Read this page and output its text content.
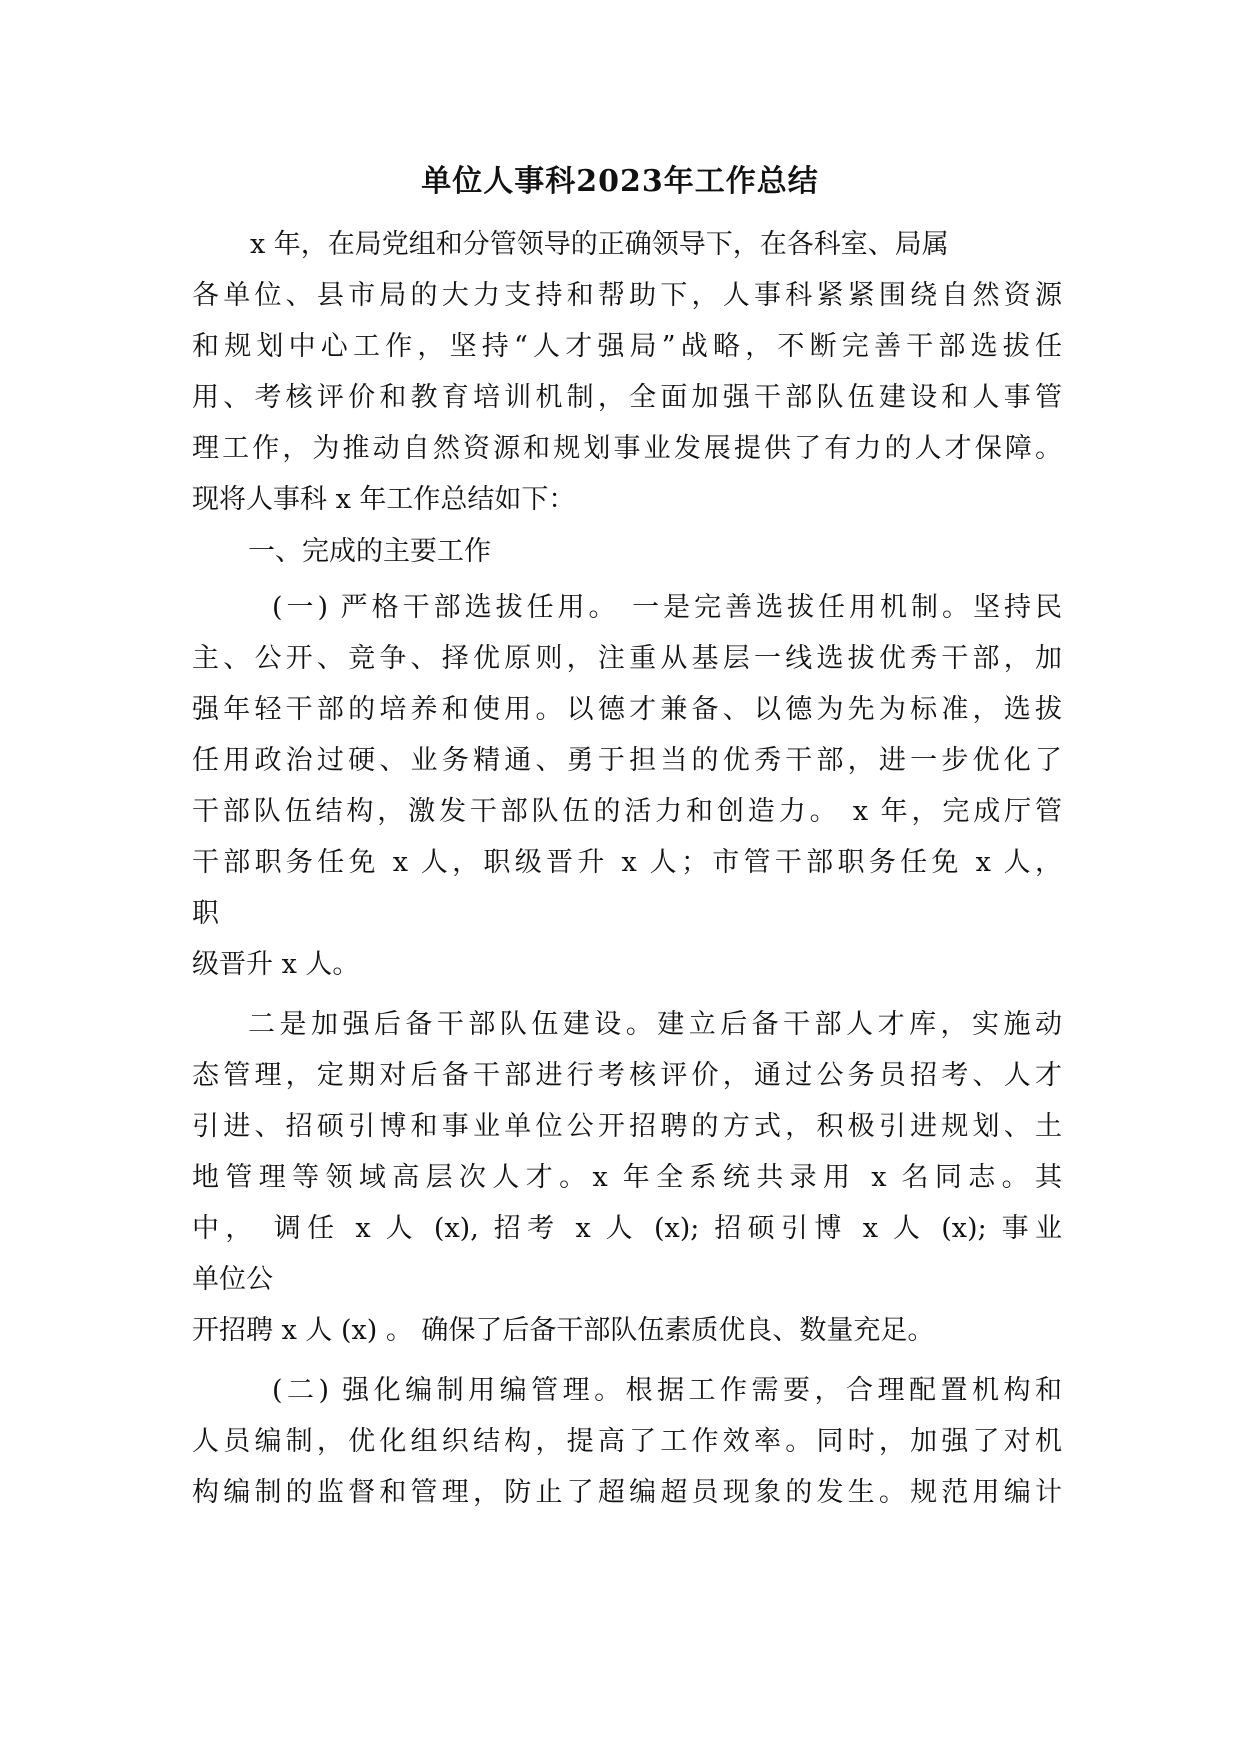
单位人事科2023年工作总结
x 年，在局党组和分管领导的正确领导下，在各科室、局属
各单位、县市局的大力支持和帮助下，人事科紧紧围绕自然资源
和规划中心工作，坚持“人才强局”战略，不断完善干部选拔任
用、考核评价和教育培训机制，全面加强干部队伍建设和人事管
理工作，为推动自然资源和规划事业发展提供了有力的人才保障。
现将人事科 x 年工作总结如下：
一、完成的主要工作
(一) 严格干部选拔任用。 一是完善选拔任用机制。坚持民
主、公开、竞争、择优原则，注重从基层一线选拔优秀干部，加
强年轻干部的培养和使用。以德才兼备、以德为先为标准，选拔
任用政治过硬、业务精通、勇于担当的优秀干部，进一步优化了
干部队伍结构，激发干部队伍的活力和创造力。 x 年，完成厅管
干部职务任免 x 人，职级晋升 x 人；市管干部职务任免 x 人，
职
级晋升 x 人。
二是加强后备干部队伍建设。建立后备干部人才库，实施动
态管理，定期对后备干部进行考核评价，通过公务员招考、人才
引进、招硕引博和事业单位公开招聘的方式，积极引进规划、土
地管理等领域高层次人才。x 年全系统共录用 x 名同志。其
中， 调任 x 人 (x), 招考 x 人 (x); 招硕引博 x 人 (x); 事业
单位公
开招聘 x 人 (x) 。 确保了后备干部队伍素质优良、数量充足。
(二) 强化编制用编管理。根据工作需要，合理配置机构和
人员编制，优化组织结构，提高了工作效率。同时，加强了对机
构编制的监督和管理，防止了超编超员现象的发生。规范用编计
